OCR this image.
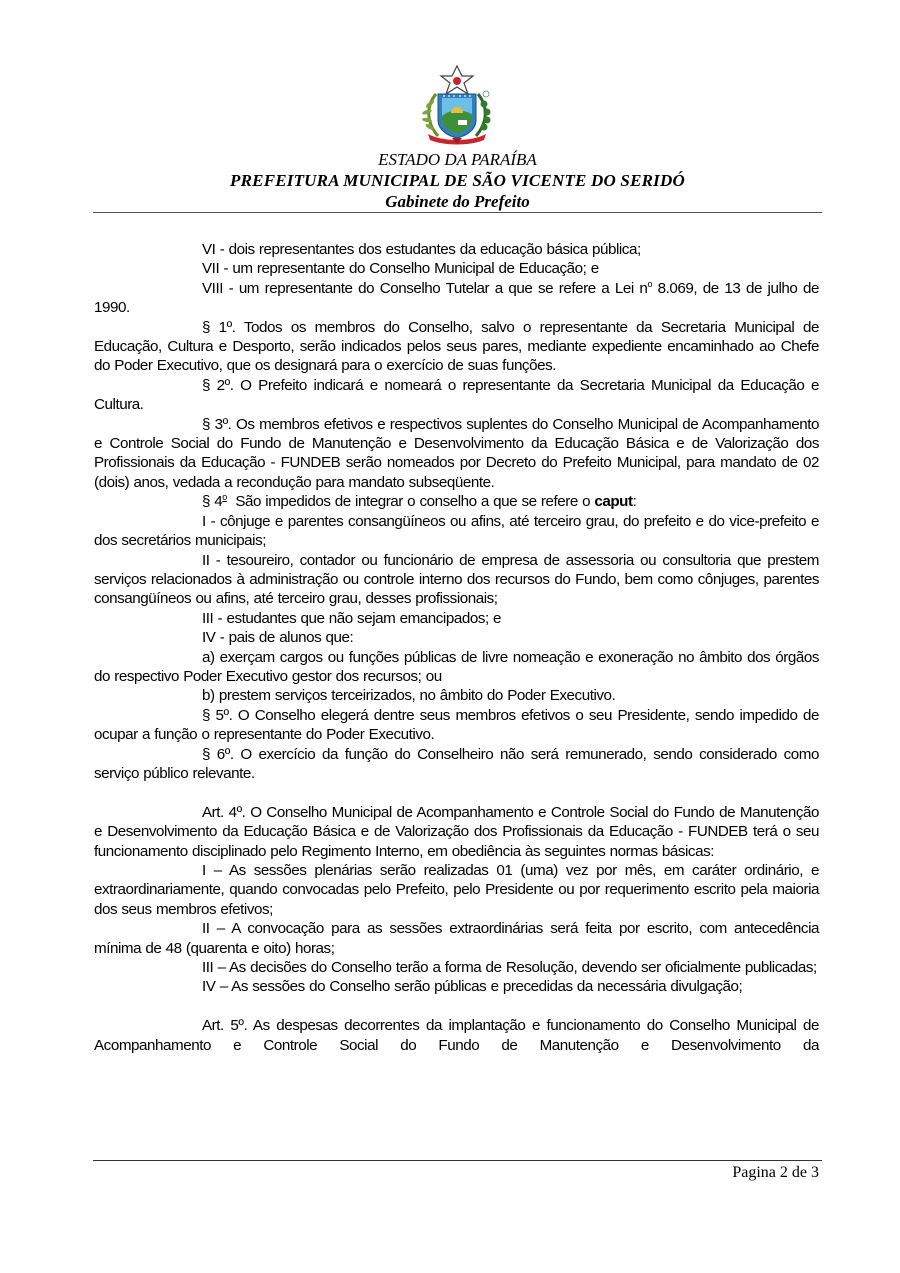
ESTADO DA PARAÍBA
PREFEITURA MUNICIPAL DE SÃO VICENTE DO SERIDÓ
Gabinete do Prefeito

VI - dois representantes dos estudantes da educação básica pública;

VII - um representante do Conselho Municipal de Educação; e

VIII - um representante do Conselho Tutelar a que se refere a Lei $n^o$ 8.069, de 13 de julho de 1990.

§ 1º. Todos os membros do Conselho, salvo o representante da Secretaria Municipal de Educação, Cultura e Desporto, serão indicados pelos seus pares, mediante expediente encaminhado ao Chefe do Poder Executivo, que os designará para o exercício de suas funções.

§ 2º. O Prefeito indicará e nomeará o representante da Secretaria Municipal da Educação e Cultura.

§ 3º. Os membros efetivos e respectivos suplentes do Conselho Municipal de Acompanhamento e Controle Social do Fundo de Manutenção e Desenvolvimento da Educação Básica e de Valorização dos Profissionais da Educação - FUNDEB serão nomeados por Decreto do Prefeito Municipal, para mandato de 02 (dois) anos, vedada a recondução para mandato subseqüente.

§ 4$^o$  São impedidos de integrar o conselho a que se refere o caput:

I - cônjuge e parentes consangüíneos ou afins, até terceiro grau, do prefeito e do vice-prefeito e dos secretários municipais;

II - tesoureiro, contador ou funcionário de empresa de assessoria ou consultoria que prestem serviços relacionados à administração ou controle interno dos recursos do Fundo, bem como cônjuges, parentes consangüíneos ou afins, até terceiro grau, desses profissionais;

III - estudantes que não sejam emancipados; e

IV - pais de alunos que:

a) exerçam cargos ou funções públicas de livre nomeação e exoneração no âmbito dos órgãos do respectivo Poder Executivo gestor dos recursos; ou

b) prestem serviços terceirizados, no âmbito do Poder Executivo.

§ 5º. O Conselho elegerá dentre seus membros efetivos o seu Presidente, sendo impedido de ocupar a função o representante do Poder Executivo.

§ 6º. O exercício da função do Conselheiro não será remunerado, sendo considerado como serviço público relevante.

Art. 4º. O Conselho Municipal de Acompanhamento e Controle Social do Fundo de Manutenção e Desenvolvimento da Educação Básica e de Valorização dos Profissionais da Educação - FUNDEB terá o seu funcionamento disciplinado pelo Regimento Interno, em obediência às seguintes normas básicas:

I – As sessões plenárias serão realizadas 01 (uma) vez por mês, em caráter ordinário, e extraordinariamente, quando convocadas pelo Prefeito, pelo Presidente ou por requerimento escrito pela maioria dos seus membros efetivos;

II – A convocação para as sessões extraordinárias será feita por escrito, com antecedência mínima de 48 (quarenta e oito) horas;

III – As decisões do Conselho terão a forma de Resolução, devendo ser oficialmente publicadas;

IV – As sessões do Conselho serão públicas e precedidas da necessária divulgação;

Art. 5º. As despesas decorrentes da implantação e funcionamento do Conselho Municipal de Acompanhamento e Controle Social do Fundo de Manutenção e Desenvolvimento da

Pagina 2 de 3
